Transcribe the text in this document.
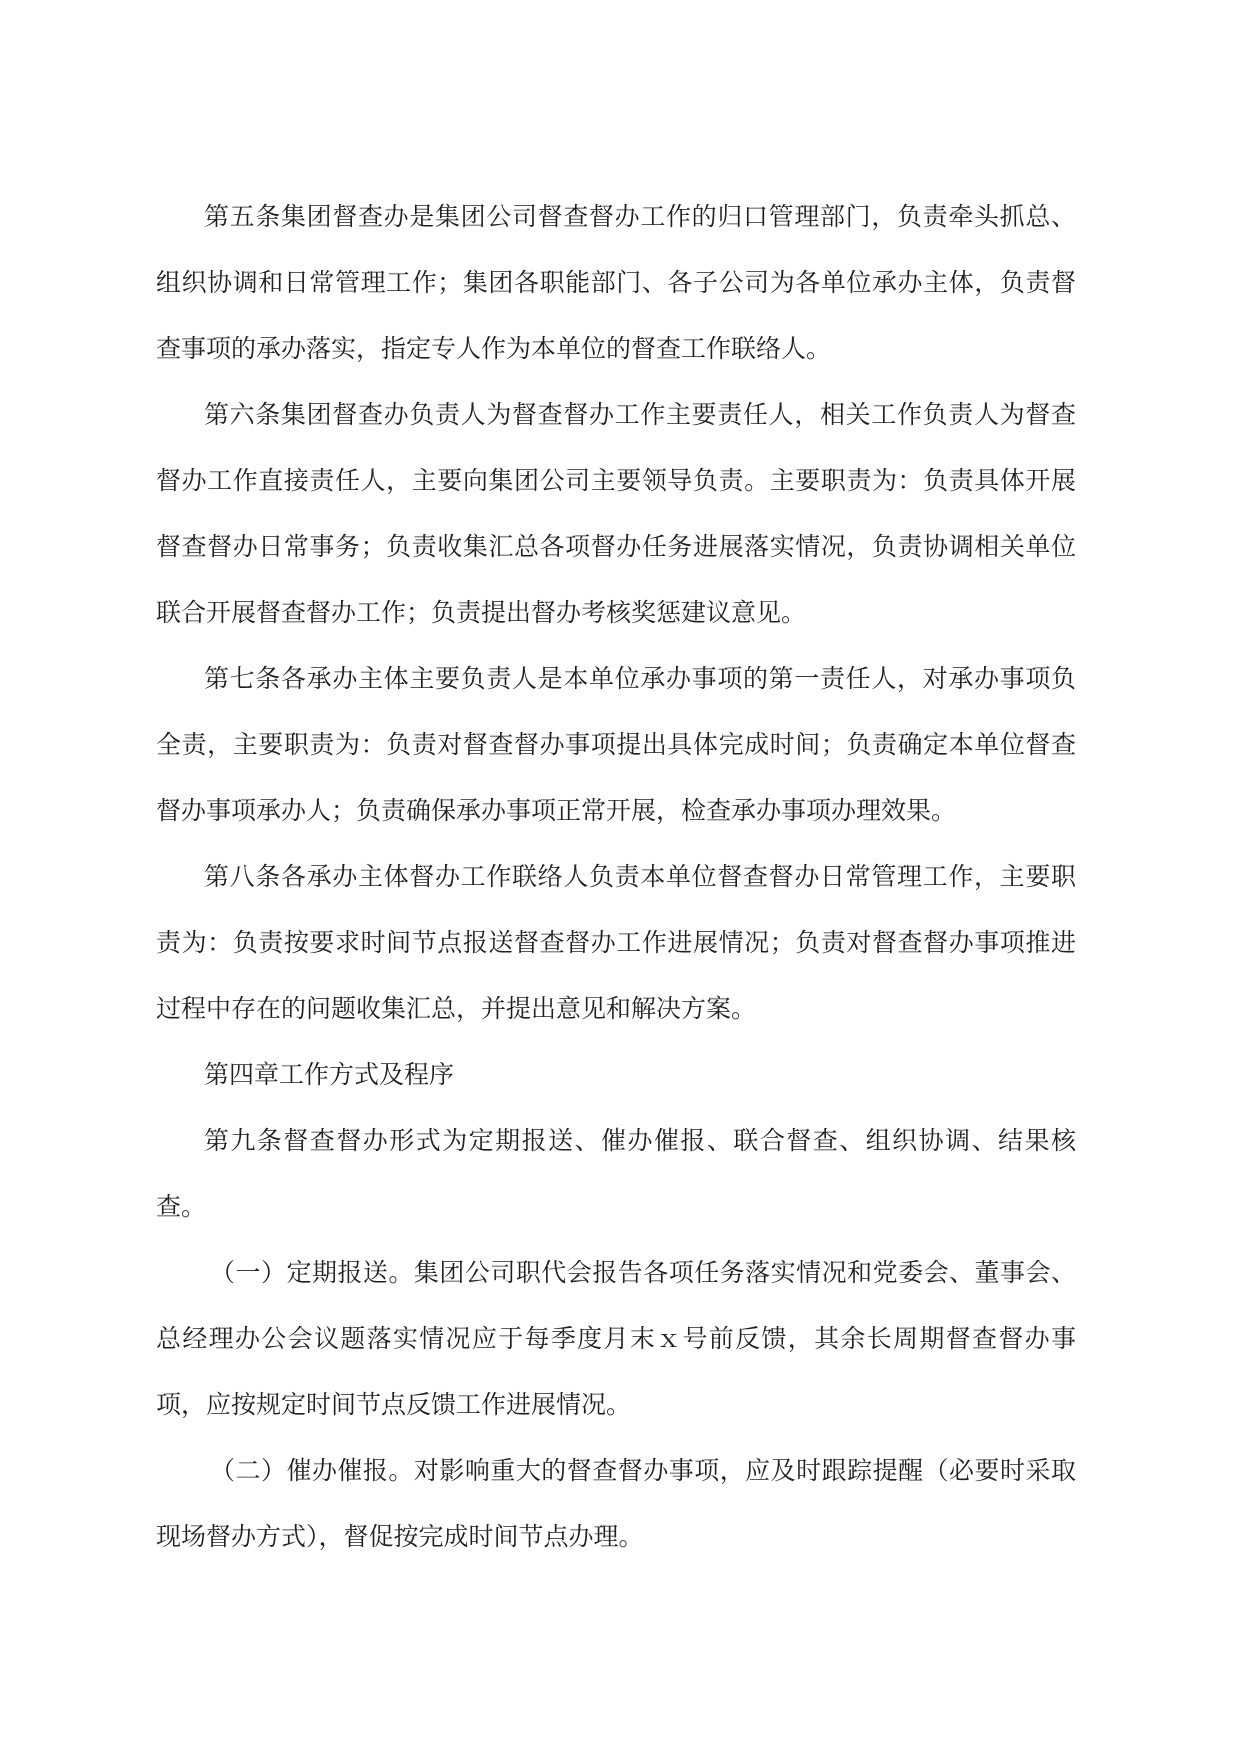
第五条集团督查办是集团公司督查督办工作的归口管理部门，负责牵头抓总、组织协调和日常管理工作；集团各职能部门、各子公司为各单位承办主体，负责督查事项的承办落实，指定专人作为本单位的督查工作联络人。

第六条集团督查办负责人为督查督办工作主要责任人，相关工作负责人为督查督办工作直接责任人，主要向集团公司主要领导负责。主要职责为：负责具体开展督查督办日常事务；负责收集汇总各项督办任务进展落实情况，负责协调相关单位联合开展督查督办工作；负责提出督办考核奖惩建议意见。

第七条各承办主体主要负责人是本单位承办事项的第一责任人，对承办事项负全责，主要职责为：负责对督查督办事项提出具体完成时间；负责确定本单位督查督办事项承办人；负责确保承办事项正常开展，检查承办事项办理效果。

第八条各承办主体督办工作联络人负责本单位督查督办日常管理工作，主要职责为：负责按要求时间节点报送督查督办工作进展情况；负责对督查督办事项推进过程中存在的问题收集汇总，并提出意见和解决方案。

第四章工作方式及程序

第九条督查督办形式为定期报送、催办催报、联合督查、组织协调、结果核查。

（一）定期报送。集团公司职代会报告各项任务落实情况和党委会、董事会、总经理办公会议题落实情况应于每季度月末ｘ号前反馈，其余长周期督查督办事项，应按规定时间节点反馈工作进展情况。

（二）催办催报。对影响重大的督查督办事项，应及时跟踪提醒（必要时采取现场督办方式），督促按完成时间节点办理。
